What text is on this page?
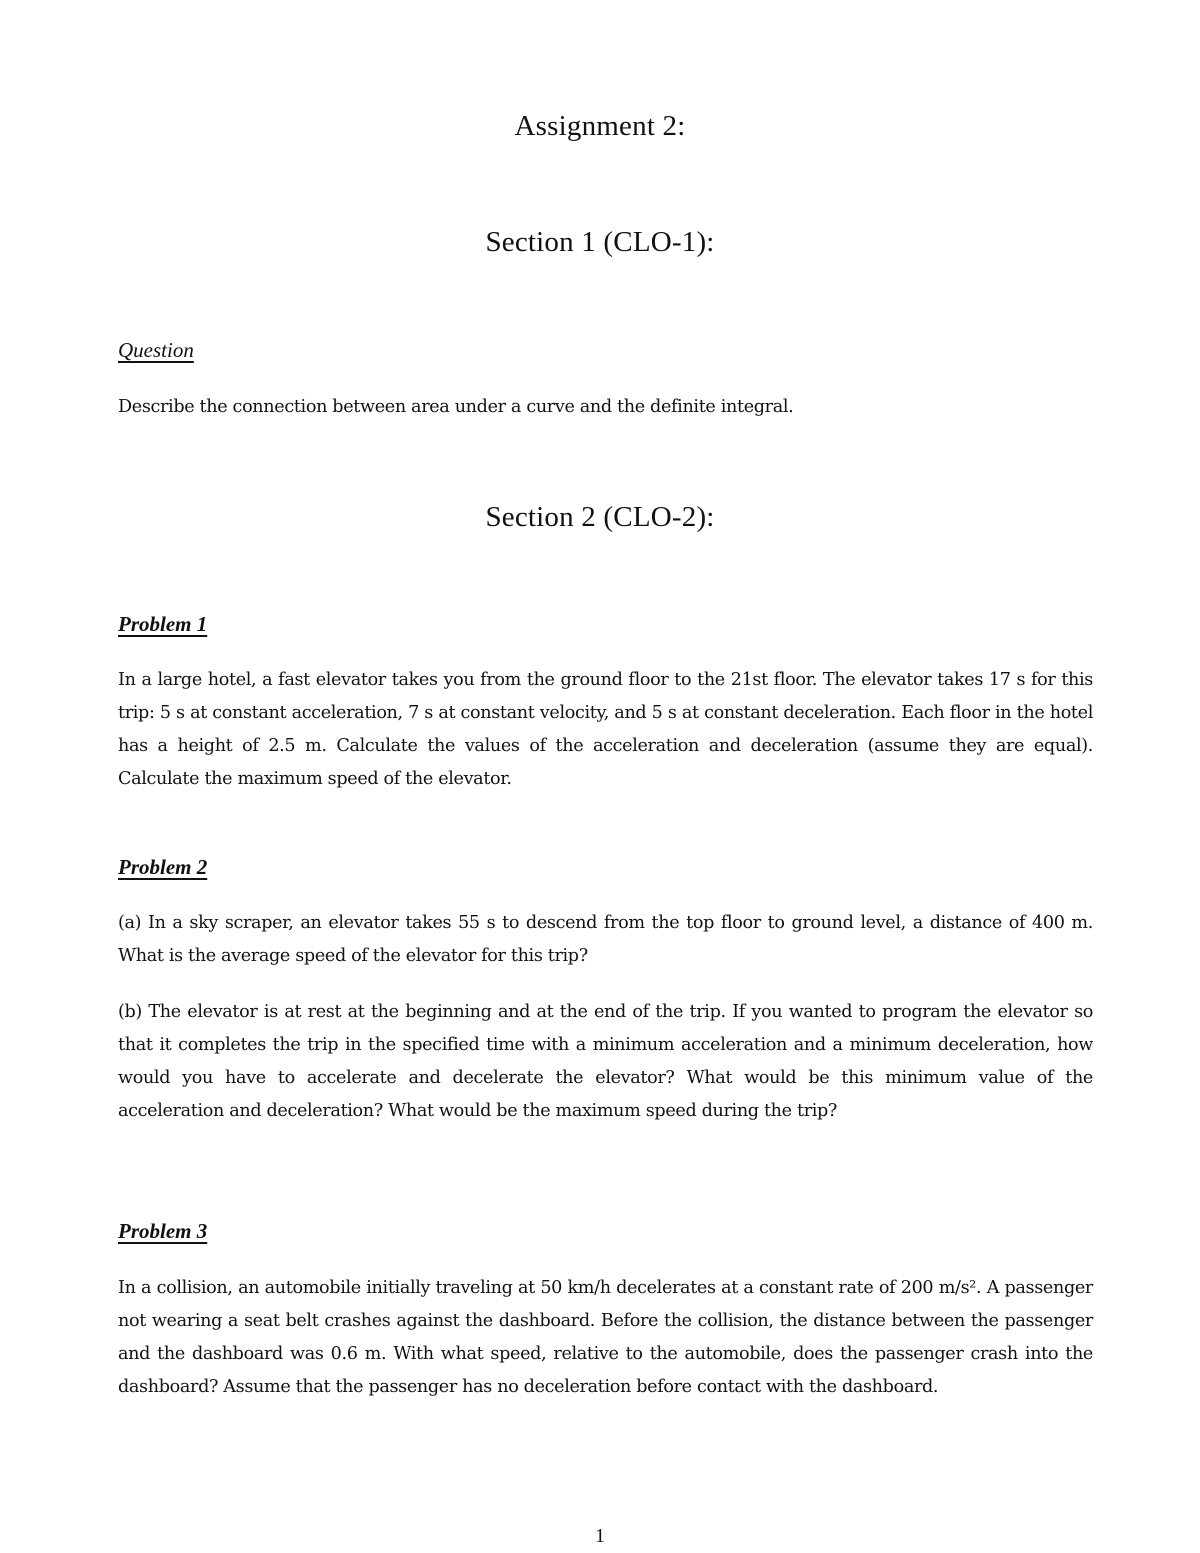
Assignment 2:
Section 1 (CLO-1):
Question

Describe the connection between area under a curve and the definite integral.

Section 2 (CLO-2):
Problem 1

In a large hotel, a fast elevator takes you from the ground floor to the 21st floor. The elevator takes 17 s for this trip: 5 s at constant acceleration, 7 s at constant velocity, and 5 s at constant deceleration. Each floor in the hotel has a height of 2.5 m. Calculate the values of the acceleration and deceleration (assume they are equal). Calculate the maximum speed of the elevator.

Problem 2

(a) In a sky scraper, an elevator takes 55 s to descend from the top floor to ground level, a distance of 400 m. What is the average speed of the elevator for this trip?

(b) The elevator is at rest at the beginning and at the end of the trip. If you wanted to program the elevator so that it completes the trip in the specified time with a minimum acceleration and a minimum deceleration, how would you have to accelerate and decelerate the elevator? What would be this minimum value of the acceleration and deceleration? What would be the maximum speed during the trip?

Problem 3

In a collision, an automobile initially traveling at 50 km/h decelerates at a constant rate of 200 m/s². A passenger not wearing a seat belt crashes against the dashboard. Before the collision, the distance between the passenger and the dashboard was 0.6 m. With what speed, relative to the automobile, does the passenger crash into the dashboard? Assume that the passenger has no deceleration before contact with the dashboard.

1
